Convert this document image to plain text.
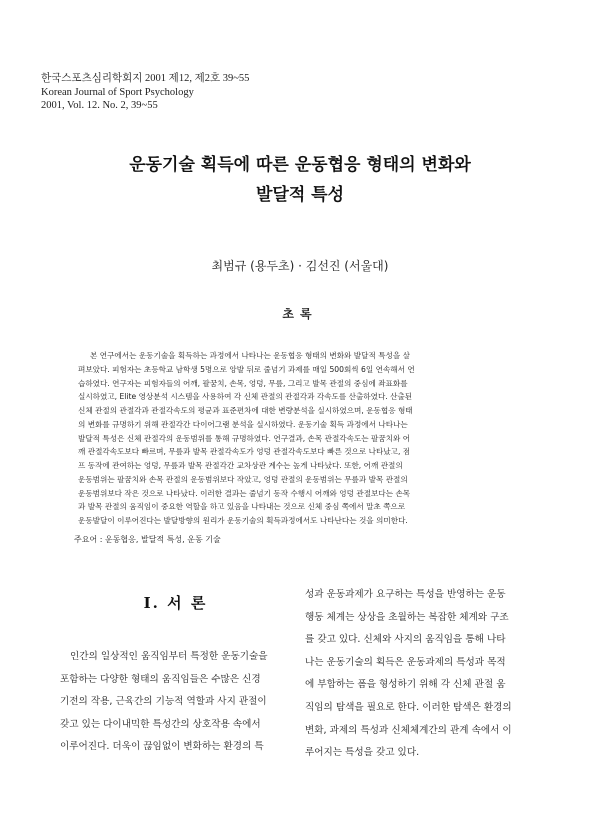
한국스포츠심리학회지 2001 제12, 제2호 39~55
Korean Journal of Sport Psychology
2001, Vol. 12. No. 2, 39~55
운동기술 획득에 따른 운동협응 형태의 변화와
발달적 특성
최범규 (용두초) · 김선진 (서울대)
초록
본 연구에서는 운동기술을 획득하는 과정에서 나타나는 운동협응 형태의 변화와 발달적 특성을 살
펴보았다. 피험자는 초등학교 남학생 5명으로 앙발 뒤로 줄넘기 과제를 매일 500회씩 6일 연속해서 연
습하였다. 연구자는 피험자들의 어깨, 팔꿈치, 손목, 엉덩, 무릎, 그리고 발목 관절의 중심에 좌표화를
실시하였고, Elite 영상분석 시스템을 사용하여 각 신체 관절의 관절각과 각속도를 산출하였다. 산출된
신체 관절의 관절각과 관절각속도의 평균과 표준편차에 대한 변량분석을 실시하였으며, 운동협응 형태
의 변화를 규명하기 위해 관절각간 다이어그램 분석을 실시하였다. 운동기술 획득 과정에서 나타나는
발달적 특성은 신체 관절각의 운동범위를 통해 규명하였다. 연구결과, 손목 관절각속도는 팔꿈치와 어
깨 관절각속도보다 빠르며, 무릎과 발목 관절각속도가 엉덩 관절각속도보다 빠른 것으로 나타났고, 점
프 동작에 관여하는 엉덩, 무릎과 발목 관절각간 교차상관 계수는 높게 나타났다. 또한, 어깨 관절의
운동범위는 팔꿈치와 손목 관절의 운동범위보다 작았고, 엉덩 관절의 운동범위는 무릎과 발목 관절의
운동범위보다 작은 것으로 나타났다. 이러한 결과는 줄넘기 동작 수행시 어깨와 엉덩 관절보다는 손목
과 발목 관절의 움직임이 중요한 역할을 하고 있음을 나타내는 것으로 신체 중심 쪽에서 말초 쪽으로
운동발달이 이루어진다는 발달방향의 원리가 운동기술의 획득과정에서도 나타난다는 것을 의미한다.
주요어 : 운동협응, 발달적 특성, 운동 기술
Ⅰ. 서 론
인간의 일상적인 움직임부터 특정한 운동기술을
포함하는 다양한 형태의 움직임들은 수많은 신경
기전의 작용, 근육간의 기능적 역할과 사지 관절이
갖고 있는 다이내믹한 특성간의 상호작용 속에서
이루어진다. 더욱이 끊임없이 변화하는 환경의 특
성과 운동과제가 요구하는 특성을 반영하는 운동
행동 체계는 상상을 초월하는 복잡한 체계와 구조
를 갖고 있다. 신체와 사지의 움직임을 통해 나타
나는 운동기술의 획득은 운동과제의 특성과 목적
에 부합하는 폼을 형성하기 위해 각 신체 관절 움
직임의 탐색을 필요로 한다. 이러한 탐색은 환경의
변화, 과제의 특성과 신체체계간의 관계 속에서 이
루어지는 특성을 갖고 있다.
